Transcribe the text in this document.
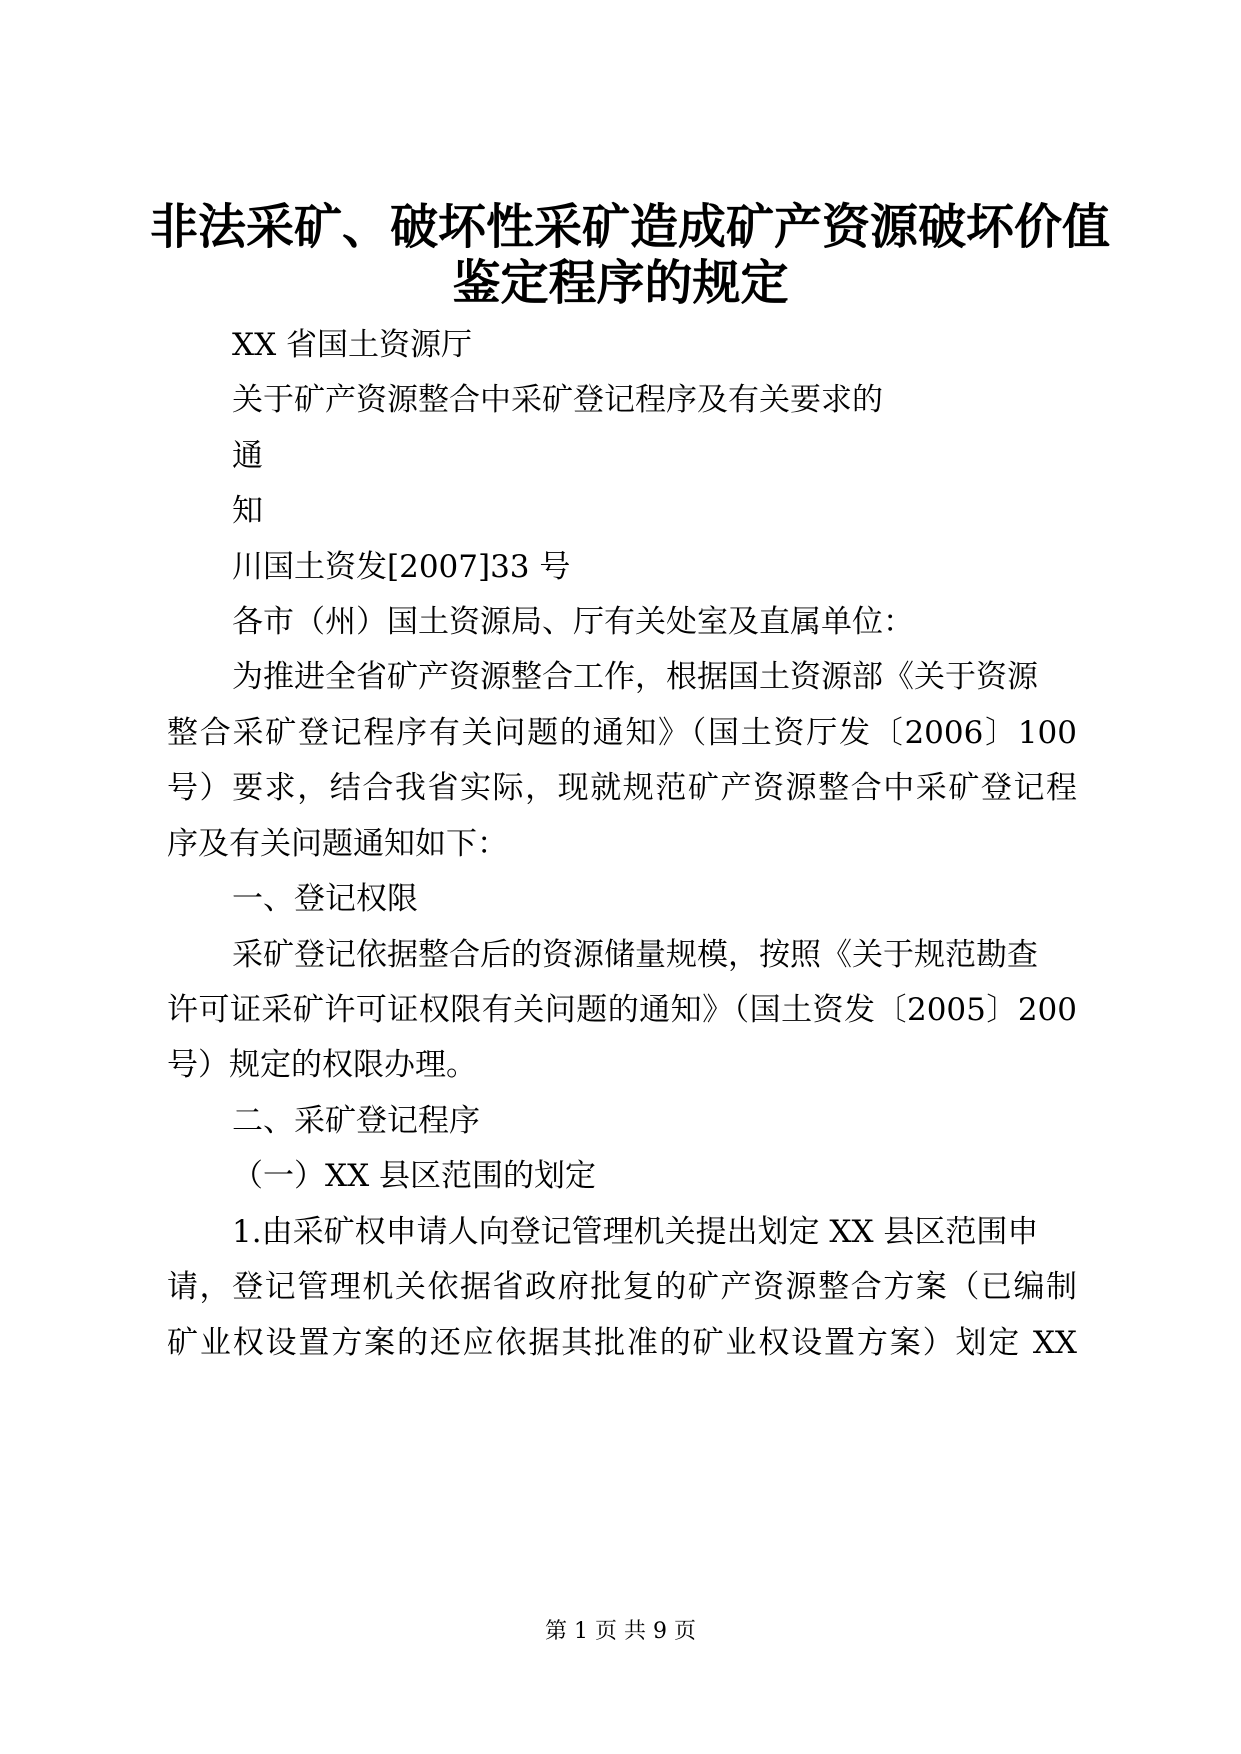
非法采矿、破坏性采矿造成矿产资源破坏价值
鉴定程序的规定

XX 省国土资源厅

关于矿产资源整合中采矿登记程序及有关要求的

通

知

川国土资发[2007]33 号

各市（州）国土资源局、厅有关处室及直属单位：

为推进全省矿产资源整合工作，根据国土资源部《关于资源

整合采矿登记程序有关问题的通知》（国土资厅发〔2006〕100

号）要求，结合我省实际，现就规范矿产资源整合中采矿登记程

序及有关问题通知如下：

一、登记权限

采矿登记依据整合后的资源储量规模，按照《关于规范勘查

许可证采矿许可证权限有关问题的通知》（国土资发〔2005〕200

号）规定的权限办理。

二、采矿登记程序

（一）XX 县区范围的划定

1.由采矿权申请人向登记管理机关提出划定 XX 县区范围申

请，登记管理机关依据省政府批复的矿产资源整合方案（已编制

矿业权设置方案的还应依据其批准的矿业权设置方案）划定 XX

第 1 页 共 9 页
